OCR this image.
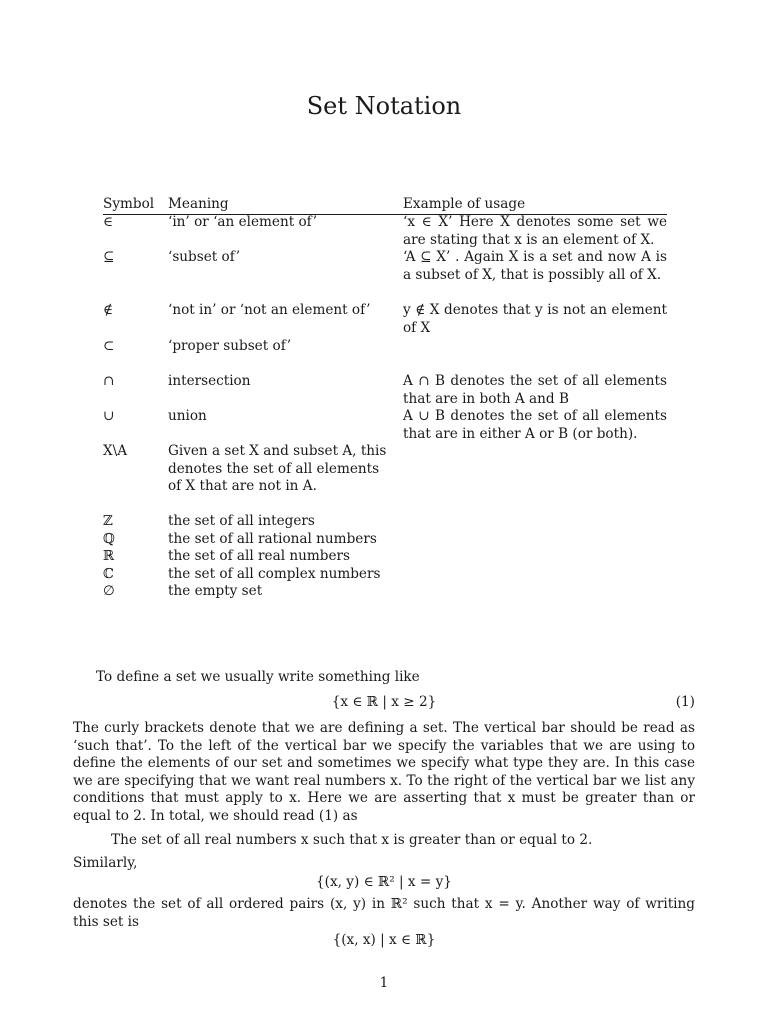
Set Notation
Symbol	Meaning	Example of usage
∈	‘in’ or ‘an element of’	‘x ∈ X’ Here X denotes some set we are stating that x is an element of X.
⊆	‘subset of’	‘A ⊆ X’ . Again X is a set and now A is a subset of X, that is possibly all of X.
∉	‘not in’ or ‘not an element of’	y ∉ X denotes that y is not an element of X
⊂	‘proper subset of’
∩	intersection	A ∩ B denotes the set of all elements that are in both A and B
∪	union	A ∪ B denotes the set of all elements that are in either A or B (or both).
X\A	Given a set X and subset A, this denotes the set of all elements of X that are not in A.
ℤ	the set of all integers
ℚ	the set of all rational numbers
ℝ	the set of all real numbers
ℂ	the set of all complex numbers
∅	the empty set
To define a set we usually write something like
{x ∈ ℝ | x ≥ 2}	(1)
The curly brackets denote that we are defining a set. The vertical bar should be read as ‘such that’. To the left of the vertical bar we specify the variables that we are using to define the elements of our set and sometimes we specify what type they are. In this case we are specifying that we want real numbers x. To the right of the vertical bar we list any conditions that must apply to x. Here we are asserting that x must be greater than or equal to 2. In total, we should read (1) as
The set of all real numbers x such that x is greater than or equal to 2.
Similarly,
{(x, y) ∈ ℝ² | x = y}
denotes the set of all ordered pairs (x, y) in ℝ² such that x = y. Another way of writing this set is
{(x, x) | x ∈ ℝ}
1
